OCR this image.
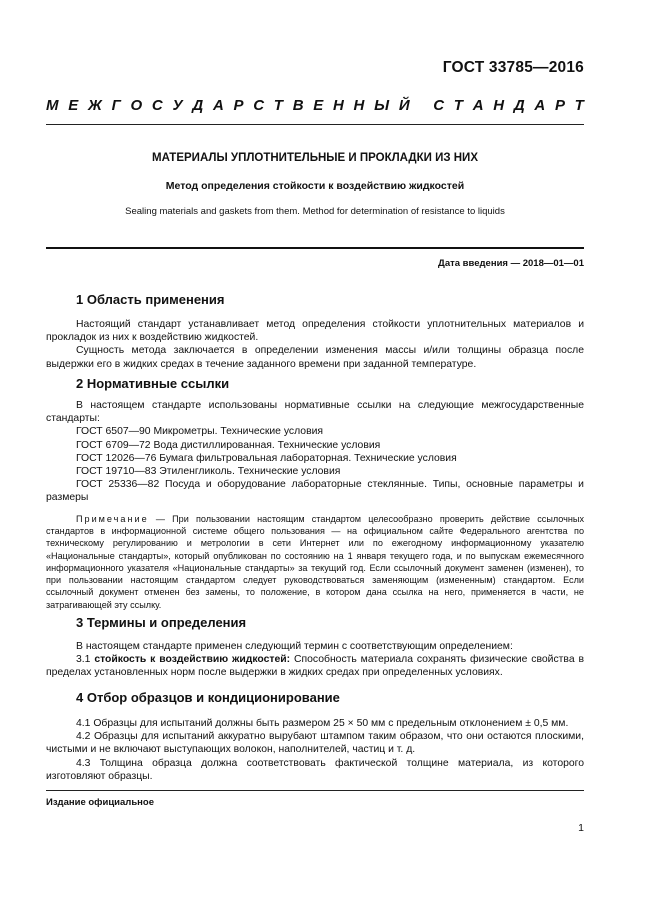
ГОСТ 33785—2016
М Е Ж Г О С У Д А Р С Т В Е Н Н Ы Й
С Т А Н Д А Р Т
МАТЕРИАЛЫ УПЛОТНИТЕЛЬНЫЕ И ПРОКЛАДКИ ИЗ НИХ
Метод определения стойкости к воздействию жидкостей
Sealing materials and gaskets from them. Method for determination of resistance to liquids
Дата введения — 2018—01—01
1 Область применения

Настоящий стандарт устанавливает метод определения стойкости уплотнительных материалов и прокладок из них к воздействию жидкостей.

Сущность метода заключается в определении изменения массы и/или толщины образца после выдержки его в жидких средах в течение заданного времени при заданной температуре.

2 Нормативные ссылки

В настоящем стандарте использованы нормативные ссылки на следующие межгосударственные стандарты:

ГОСТ 6507—90 Микрометры. Технические условия

ГОСТ 6709—72 Вода дистиллированная. Технические условия

ГОСТ 12026—76 Бумага фильтровальная лабораторная. Технические условия

ГОСТ 19710—83 Этиленгликоль. Технические условия

ГОСТ 25336—82 Посуда и оборудование лабораторные стеклянные. Типы, основные параметры и размеры

Примечание — При пользовании настоящим стандартом целесообразно проверить действие ссылочных стандартов в информационной системе общего пользования — на официальном сайте Федерального агентства по техническому регулированию и метрологии в сети Интернет или по ежегодному информационному указателю «Национальные стандарты», который опубликован по состоянию на 1 января текущего года, и по выпускам ежемесячного информационного указателя «Национальные стандарты» за текущий год. Если ссылочный документ заменен (изменен), то при пользовании настоящим стандартом следует руководствоваться заменяющим (измененным) стандартом. Если ссылочный документ отменен без замены, то положение, в котором дана ссылка на него, применяется в части, не затрагивающей эту ссылку.

3 Термины и определения

В настоящем стандарте применен следующий термин с соответствующим определением:

3.1 стойкость к воздействию жидкостей: Способность материала сохранять физические свойства в пределах установленных норм после выдержки в жидких средах при определенных условиях.

4 Отбор образцов и кондиционирование

4.1 Образцы для испытаний должны быть размером 25 × 50 мм с предельным отклонением ± 0,5 мм.

4.2 Образцы для испытаний аккуратно вырубают штампом таким образом, что они остаются плоскими, чистыми и не включают выступающих волокон, наполнителей, частиц и т. д.

4.3 Толщина образца должна соответствовать фактической толщине материала, из которого изготовляют образцы.

Издание официальное
1
